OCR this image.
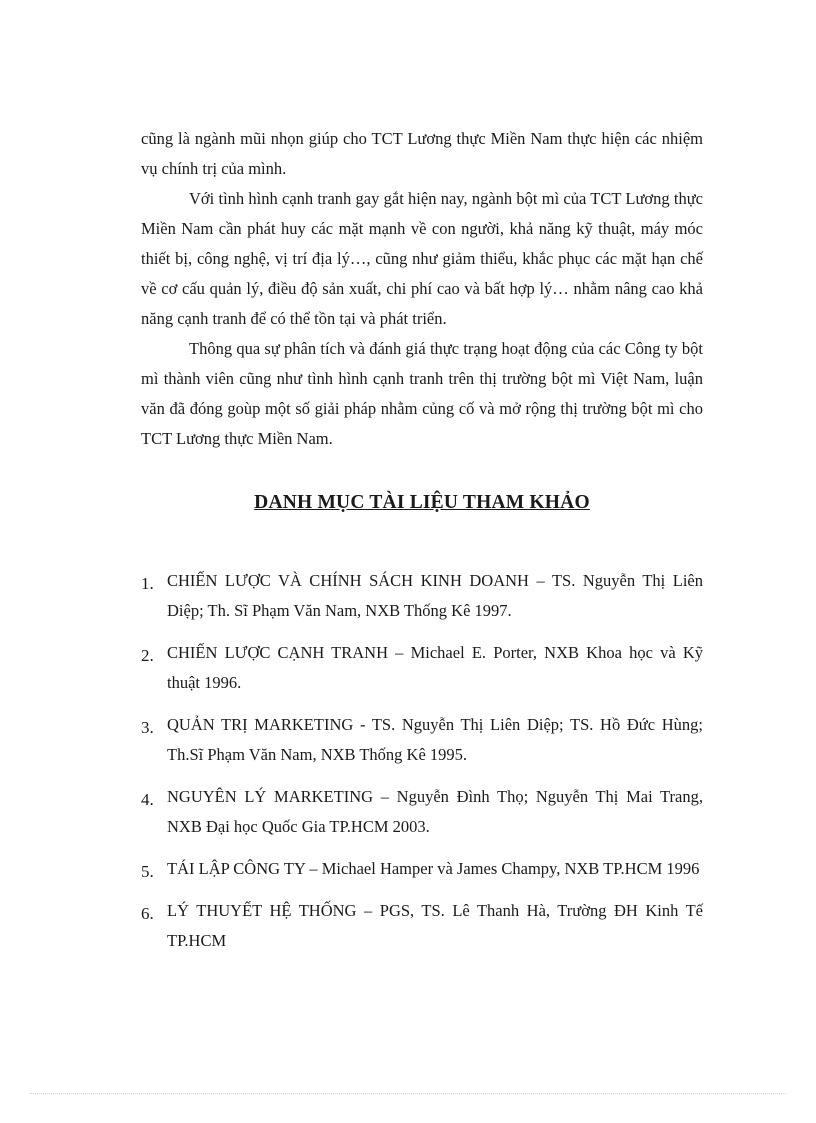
cũng là ngành mũi nhọn giúp cho TCT Lương thực Miền Nam thực hiện các nhiệm vụ chính trị của mình.

Với tình hình cạnh tranh gay gắt hiện nay, ngành bột mì của TCT Lương thực Miền Nam cần phát huy các mặt mạnh về con người, khả năng kỹ thuật, máy móc thiết bị, công nghệ, vị trí địa lý…, cũng như giảm thiểu, khắc phục các mặt hạn chế về cơ cấu quản lý, điều độ sản xuất, chi phí cao và bất hợp lý… nhằm nâng cao khả năng cạnh tranh để có thể tồn tại và phát triển.

Thông qua sự phân tích và đánh giá thực trạng hoạt động của các Công ty bột mì thành viên cũng như tình hình cạnh tranh trên thị trường bột mì Việt Nam, luận văn đã đóng goùp một số giải pháp nhằm củng cố và mở rộng thị trường bột mì cho TCT Lương thực Miền Nam.

DANH MỤC TÀI LIỆU THAM KHẢO
1. CHIẾN LƯỢC VÀ CHÍNH SÁCH KINH DOANH – TS. Nguyễn Thị Liên Diệp; Th. Sĩ Phạm Văn Nam, NXB Thống Kê 1997.
2. CHIẾN LƯỢC CẠNH TRANH – Michael E. Porter, NXB Khoa học và Kỹ thuật 1996.
3. QUẢN TRỊ MARKETING - TS. Nguyễn Thị Liên Diệp; TS. Hồ Đức Hùng; Th.Sĩ Phạm Văn Nam, NXB Thống Kê 1995.
4. NGUYÊN LÝ MARKETING – Nguyễn Đình Thọ; Nguyễn Thị Mai Trang, NXB Đại học Quốc Gia TP.HCM 2003.
5. TÁI LẬP CÔNG TY – Michael Hamper và James Champy, NXB TP.HCM 1996
6. LÝ THUYẾT HỆ THỐNG – PGS, TS. Lê Thanh Hà, Trường ĐH Kinh Tế TP.HCM
